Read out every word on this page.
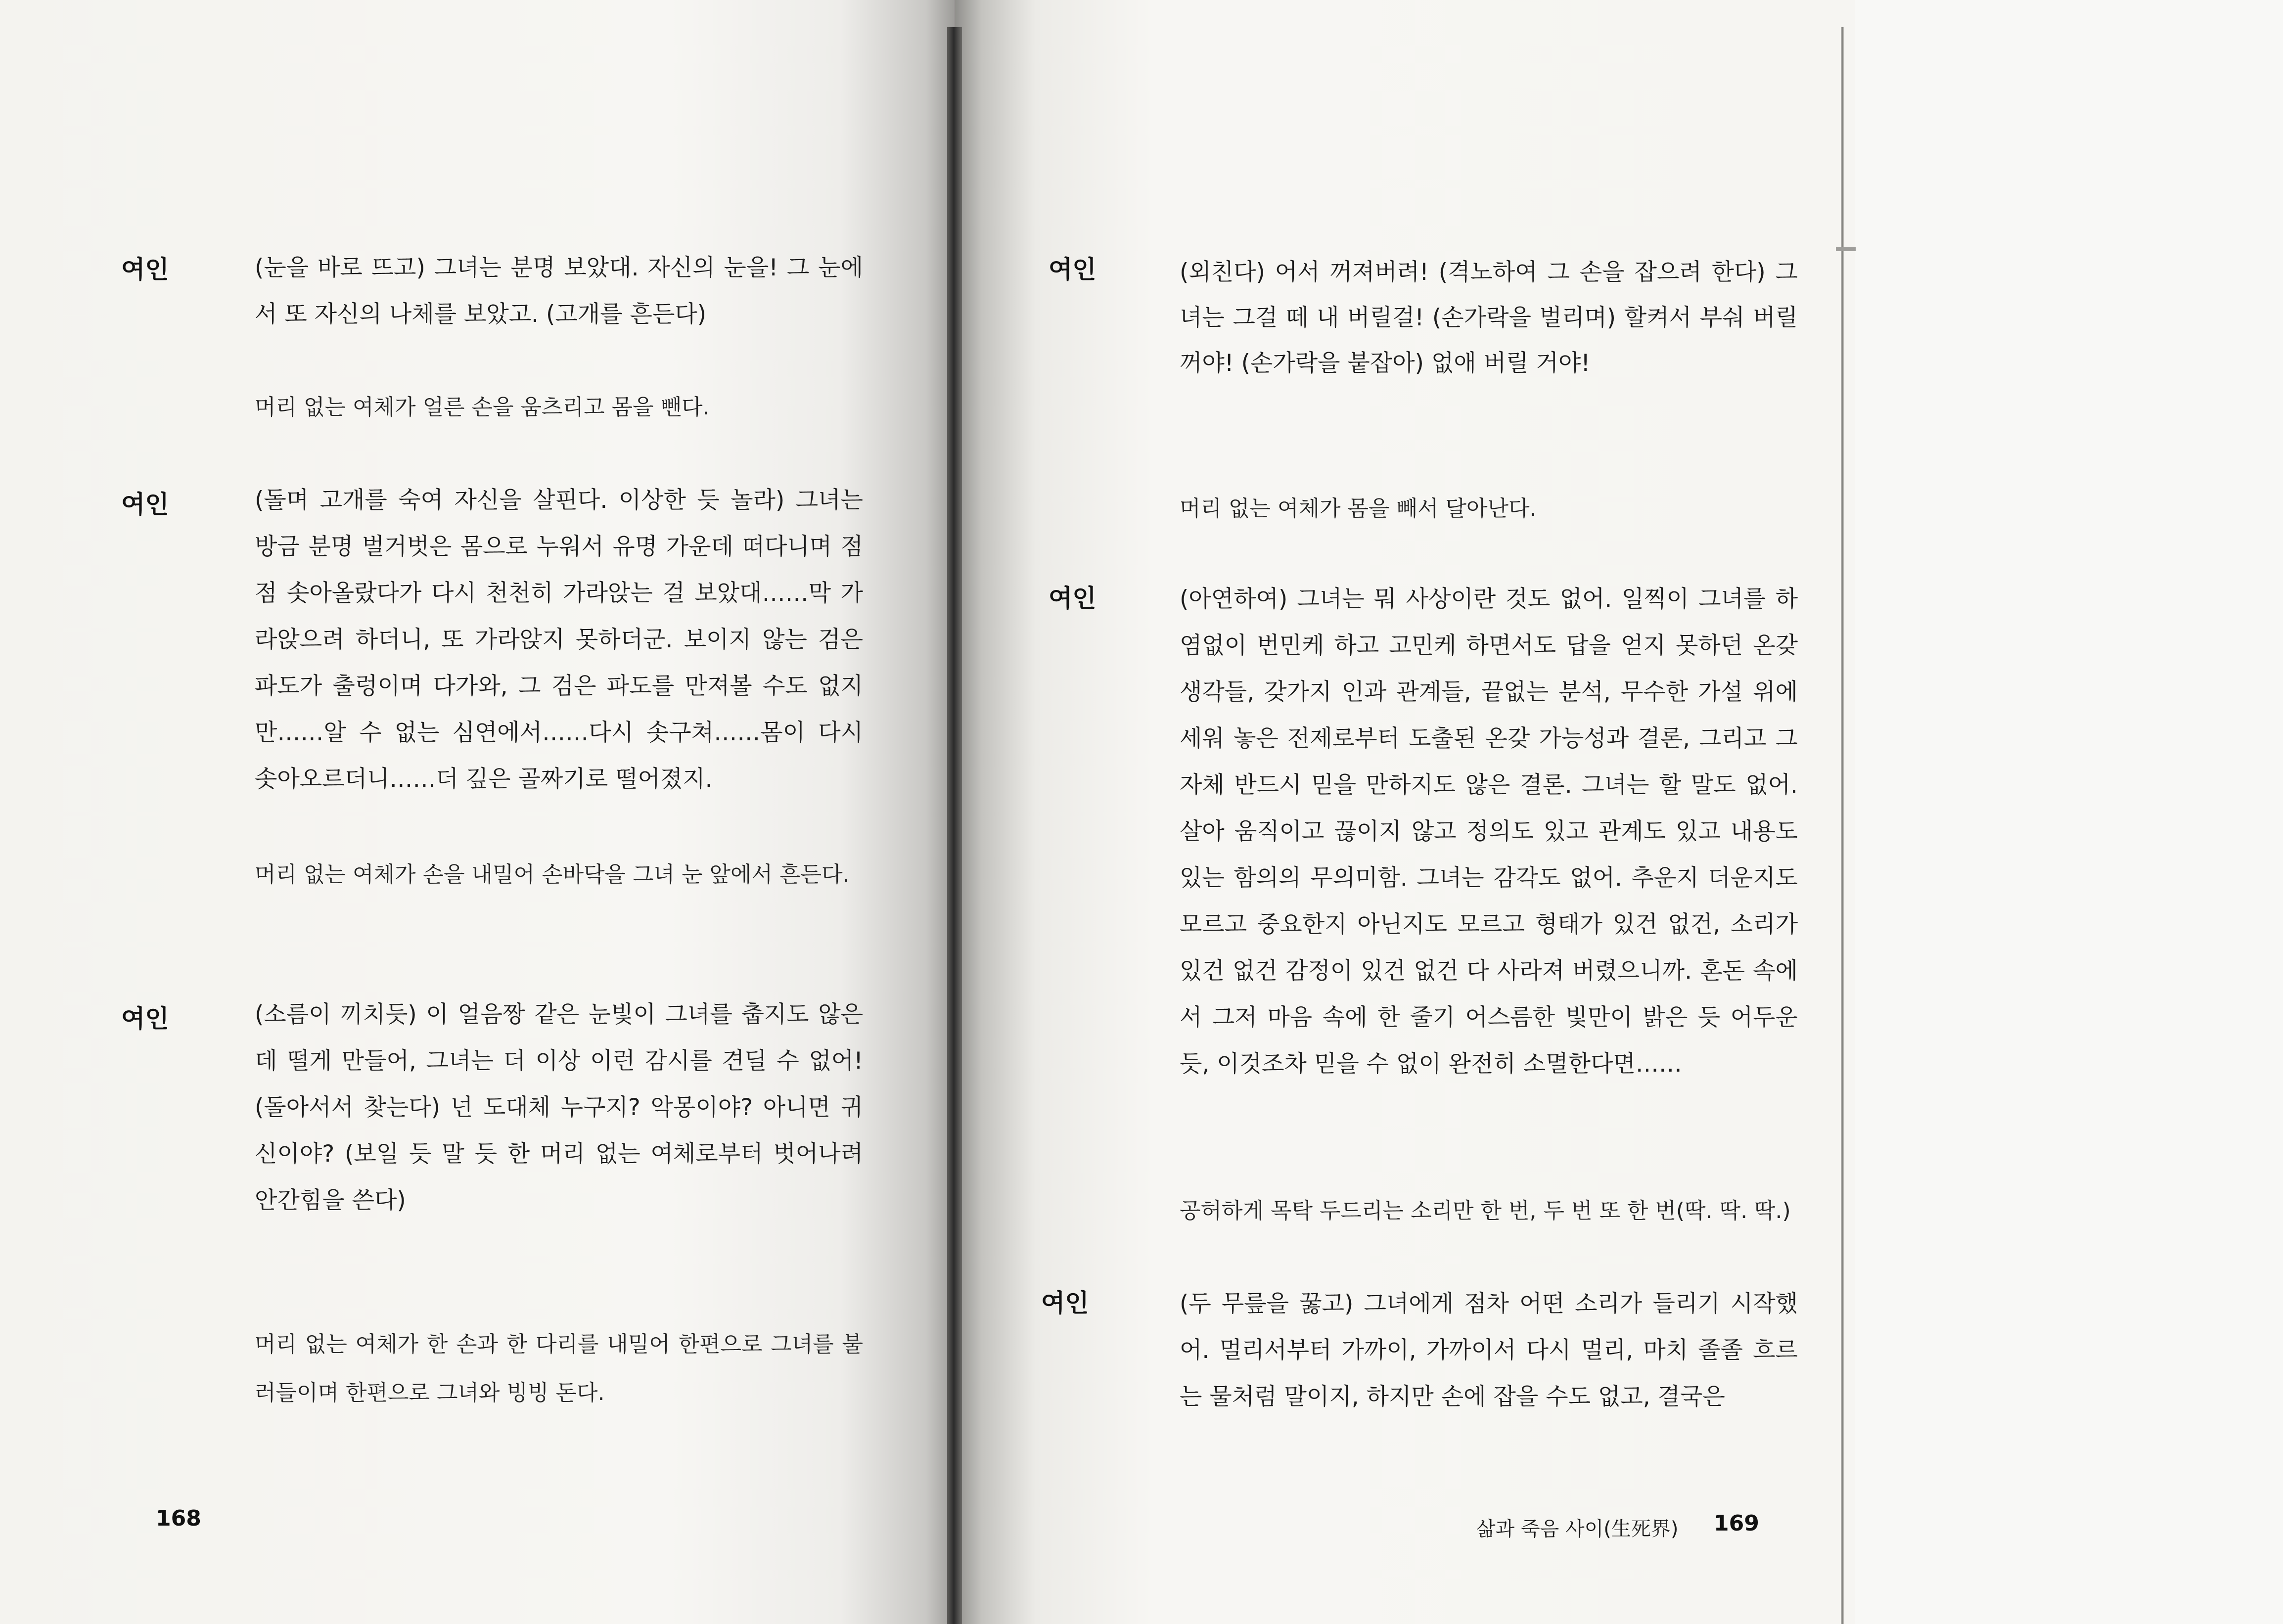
여인	(눈을 바로 뜨고) 그녀는 분명 보았대. 자신의 눈을! 그 눈에서 또 자신의 나체를 보았고. (고개를 흔든다)
머리 없는 여체가 얼른 손을 움츠리고 몸을 뺀다.
여인	(돌며 고개를 숙여 자신을 살핀다. 이상한 듯 놀라) 그녀는 방금 분명 벌거벗은 몸으로 누워서 유명 가운데 떠다니며 점점 솟아올랐다가 다시 천천히 가라앉는 걸 보았대……막 가라앉으려 하더니, 또 가라앉지 못하더군. 보이지 않는 검은 파도가 출렁이며 다가와, 그 검은 파도를 만져볼 수도 없지만……알 수 없는 심연에서……다시 솟구쳐……몸이 다시 솟아오르더니……더 깊은 골짜기로 떨어졌지.
머리 없는 여체가 손을 내밀어 손바닥을 그녀 눈 앞에서 흔든다.
여인	(소름이 끼치듯) 이 얼음짱 같은 눈빛이 그녀를 춥지도 않은데 떨게 만들어, 그녀는 더 이상 이런 감시를 견딜 수 없어! (돌아서서 찾는다) 넌 도대체 누구지? 악몽이야? 아니면 귀신이야? (보일 듯 말 듯 한 머리 없는 여체로부터 벗어나려 안간힘을 쓴다)
머리 없는 여체가 한 손과 한 다리를 내밀어 한편으로 그녀를 불러들이며 한편으로 그녀와 빙빙 돈다.
168
여인	(외친다) 어서 꺼져버려! (격노하여 그 손을 잡으려 한다) 그녀는 그걸 떼 내 버릴걸! (손가락을 벌리며) 할켜서 부숴 버릴 꺼야! (손가락을 붙잡아) 없애 버릴 거야!
머리 없는 여체가 몸을 빼서 달아난다.
여인	(아연하여) 그녀는 뭐 사상이란 것도 없어. 일찍이 그녀를 하염없이 번민케 하고 고민케 하면서도 답을 얻지 못하던 온갖 생각들, 갖가지 인과 관계들, 끝없는 분석, 무수한 가설 위에 세워 놓은 전제로부터 도출된 온갖 가능성과 결론, 그리고 그 자체 반드시 믿을 만하지도 않은 결론. 그녀는 할 말도 없어. 살아 움직이고 끊이지 않고 정의도 있고 관계도 있고 내용도 있는 함의의 무의미함. 그녀는 감각도 없어. 추운지 더운지도 모르고 중요한지 아닌지도 모르고 형태가 있건 없건, 소리가 있건 없건 감정이 있건 없건 다 사라져 버렸으니까. 혼돈 속에서 그저 마음 속에 한 줄기 어스름한 빛만이 밝은 듯 어두운 듯, 이것조차 믿을 수 없이 완전히 소멸한다면……
공허하게 목탁 두드리는 소리만 한 번, 두 번 또 한 번(딱. 딱. 딱.)
여인	(두 무릎을 꿇고) 그녀에게 점차 어떤 소리가 들리기 시작했어. 멀리서부터 가까이, 가까이서 다시 멀리, 마치 졸졸 흐르는 물처럼 말이지, 하지만 손에 잡을 수도 없고, 결국은
삶과 죽음 사이(生死界) 169
